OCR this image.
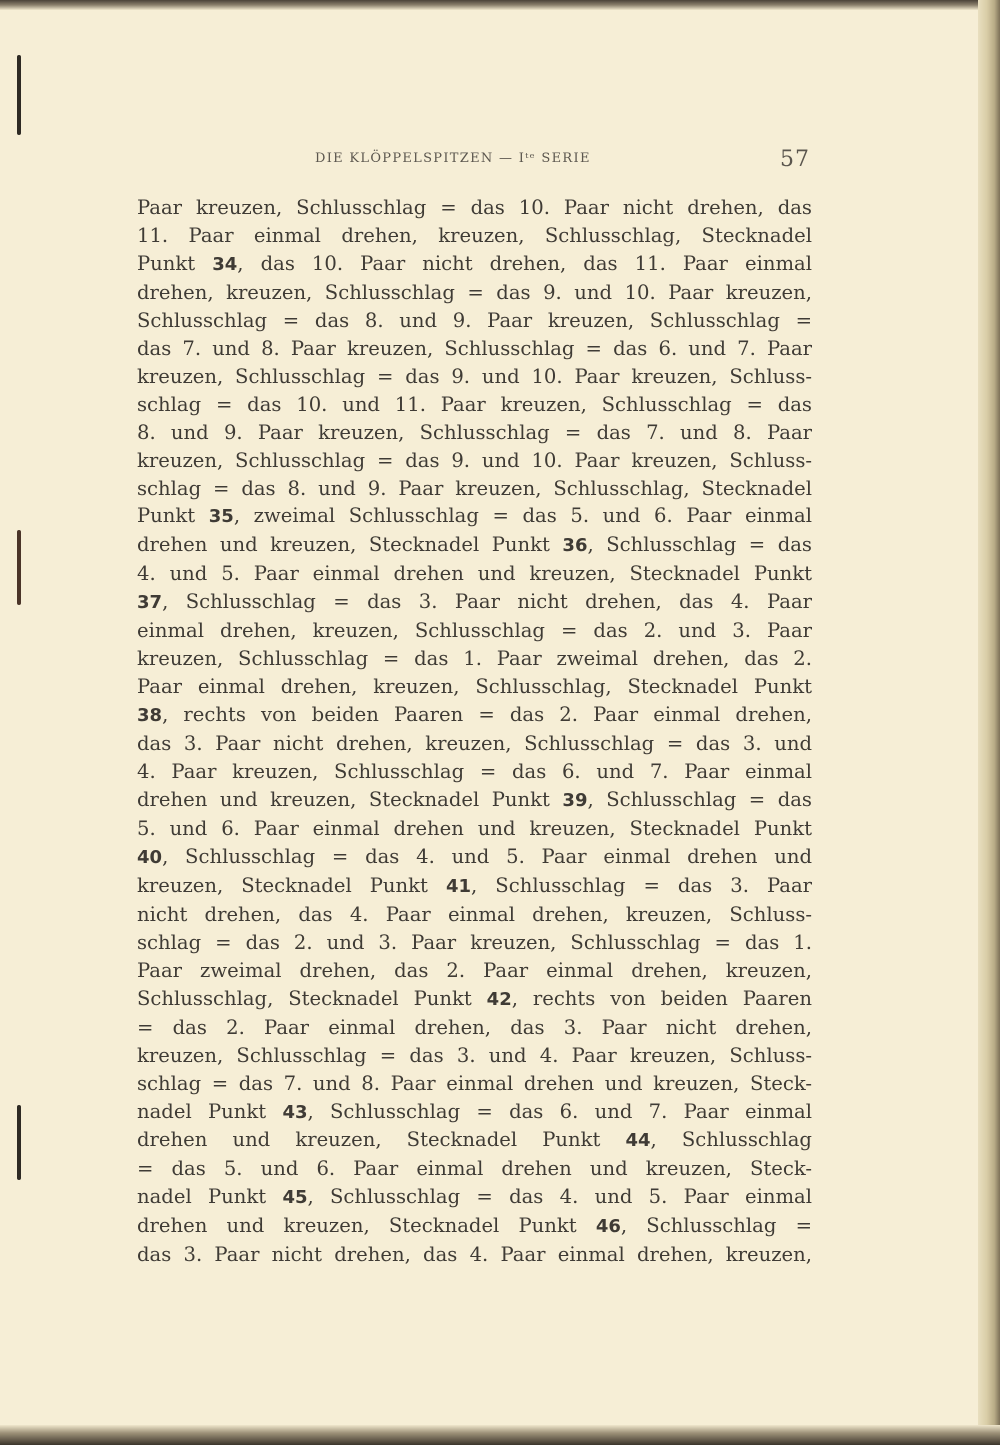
DIE KLÖPPELSPITZEN — Iᵗᵉ SERIE	57
Paar kreuzen, Schlusschlag = das 10. Paar nicht drehen, das
11. Paar einmal drehen, kreuzen, Schlusschlag, Stecknadel
Punkt 34, das 10. Paar nicht drehen, das 11. Paar einmal
drehen, kreuzen, Schlusschlag = das 9. und 10. Paar kreuzen,
Schlusschlag = das 8. und 9. Paar kreuzen, Schlusschlag =
das 7. und 8. Paar kreuzen, Schlusschlag = das 6. und 7. Paar
kreuzen, Schlusschlag = das 9. und 10. Paar kreuzen, Schluss-
schlag = das 10. und 11. Paar kreuzen, Schlusschlag = das
8. und 9. Paar kreuzen, Schlusschlag = das 7. und 8. Paar
kreuzen, Schlusschlag = das 9. und 10. Paar kreuzen, Schluss-
schlag = das 8. und 9. Paar kreuzen, Schlusschlag, Stecknadel
Punkt 35, zweimal Schlusschlag = das 5. und 6. Paar einmal
drehen und kreuzen, Stecknadel Punkt 36, Schlusschlag = das
4. und 5. Paar einmal drehen und kreuzen, Stecknadel Punkt
37, Schlusschlag = das 3. Paar nicht drehen, das 4. Paar
einmal drehen, kreuzen, Schlusschlag = das 2. und 3. Paar
kreuzen, Schlusschlag = das 1. Paar zweimal drehen, das 2.
Paar einmal drehen, kreuzen, Schlusschlag, Stecknadel Punkt
38, rechts von beiden Paaren = das 2. Paar einmal drehen,
das 3. Paar nicht drehen, kreuzen, Schlusschlag = das 3. und
4. Paar kreuzen, Schlusschlag = das 6. und 7. Paar einmal
drehen und kreuzen, Stecknadel Punkt 39, Schlusschlag = das
5. und 6. Paar einmal drehen und kreuzen, Stecknadel Punkt
40, Schlusschlag = das 4. und 5. Paar einmal drehen und
kreuzen, Stecknadel Punkt 41, Schlusschlag = das 3. Paar
nicht drehen, das 4. Paar einmal drehen, kreuzen, Schluss-
schlag = das 2. und 3. Paar kreuzen, Schlusschlag = das 1.
Paar zweimal drehen, das 2. Paar einmal drehen, kreuzen,
Schlusschlag, Stecknadel Punkt 42, rechts von beiden Paaren
= das 2. Paar einmal drehen, das 3. Paar nicht drehen,
kreuzen, Schlusschlag = das 3. und 4. Paar kreuzen, Schluss-
schlag = das 7. und 8. Paar einmal drehen und kreuzen, Steck-
nadel Punkt 43, Schlusschlag = das 6. und 7. Paar einmal
drehen und kreuzen, Stecknadel Punkt 44, Schlusschlag
= das 5. und 6. Paar einmal drehen und kreuzen, Steck-
nadel Punkt 45, Schlusschlag = das 4. und 5. Paar einmal
drehen und kreuzen, Stecknadel Punkt 46, Schlusschlag =
das 3. Paar nicht drehen, das 4. Paar einmal drehen, kreuzen,
